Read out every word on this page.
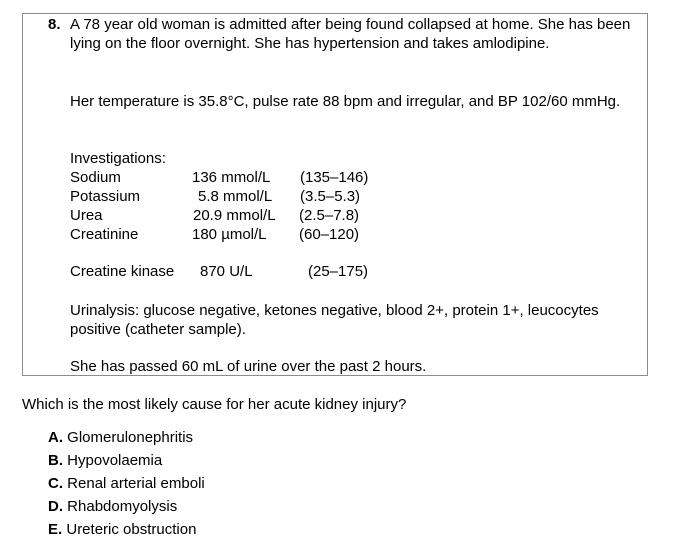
8. A 78 year old woman is admitted after being found collapsed at home. She has been lying on the floor overnight. She has hypertension and takes amlodipine.
Her temperature is 35.8°C, pulse rate 88 bpm and irregular, and BP 102/60 mmHg.
Investigations:
Sodium	136 mmol/L (135–146)
Potassium	5.8 mmol/L (3.5–5.3)
Urea	20.9 mmol/L (2.5–7.8)
Creatinine	180 µmol/L (60–120)
Creatine kinase 870 U/L	(25–175)
Urinalysis: glucose negative, ketones negative, blood 2+, protein 1+, leucocytes positive (catheter sample).
She has passed 60 mL of urine over the past 2 hours.
Which is the most likely cause for her acute kidney injury?
A. Glomerulonephritis
B. Hypovolaemia
C. Renal arterial emboli
D. Rhabdomyolysis
E. Ureteric obstruction
